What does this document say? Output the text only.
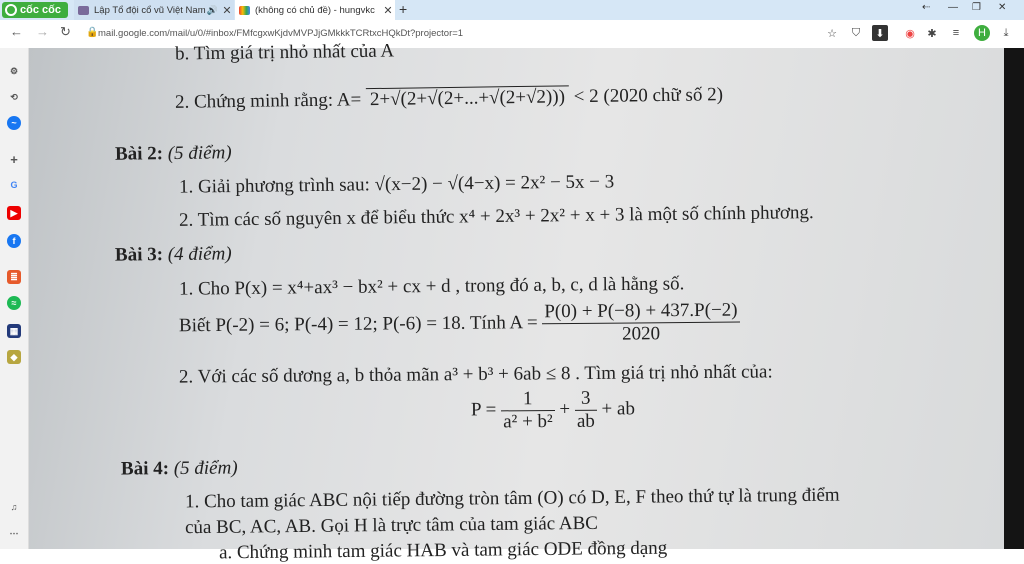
cốc cốc	Lập Tổ đội cổ vũ Việt Nam 🔊 ✕ (không có chủ đề) - hungvkc ✕ +	⇠ — ❐ ✕
← → ↻ 🔒 mail.google.com/mail/u/0/#inbox/FMfcgxwKjdvMVPJjGMkkkTCRtxcHQkDt?projector=1	☆	⛉	⬇	◉	✱	≡	H	⤓
⚙
⟲
~
+
G
▶
f
≣
≈
▦
◆
♫
⋯
b. Tìm giá trị nhỏ nhất của A
2. Chứng minh rằng: A= 2+√(2+√(2+...+√(2+√2))) < 2 (2020 chữ số 2)
Bài 2: (5 điểm)
1. Giải phương trình sau: √(x−2) − √(4−x) = 2x² − 5x − 3
2. Tìm các số nguyên x để biểu thức x⁴ + 2x³ + 2x² + x + 3 là một số chính phương.
Bài 3: (4 điểm)
1. Cho P(x) = x⁴+ax³ − bx² + cx + d , trong đó a, b, c, d là hằng số.
Biết P(-2) = 6; P(-4) = 12; P(-6) = 18. Tính $A = \frac{P(0) + P(-8) + 437.P(-2)}{2020}$
2. Với các số dương a, b thỏa mãn a³ + b³ + 6ab ≤ 8 . Tìm giá trị nhỏ nhất của:
$P = \frac{1}{\text{a² + b²}} + \frac{3}{ab}$ + ab
Bài 4: (5 điểm)
1. Cho tam giác ABC nội tiếp đường tròn tâm (O) có D, E, F theo thứ tự là trung điểm
của BC, AC, AB. Gọi H là trực tâm của tam giác ABC
a. Chứng minh tam giác HAB và tam giác ODE đồng dạng
